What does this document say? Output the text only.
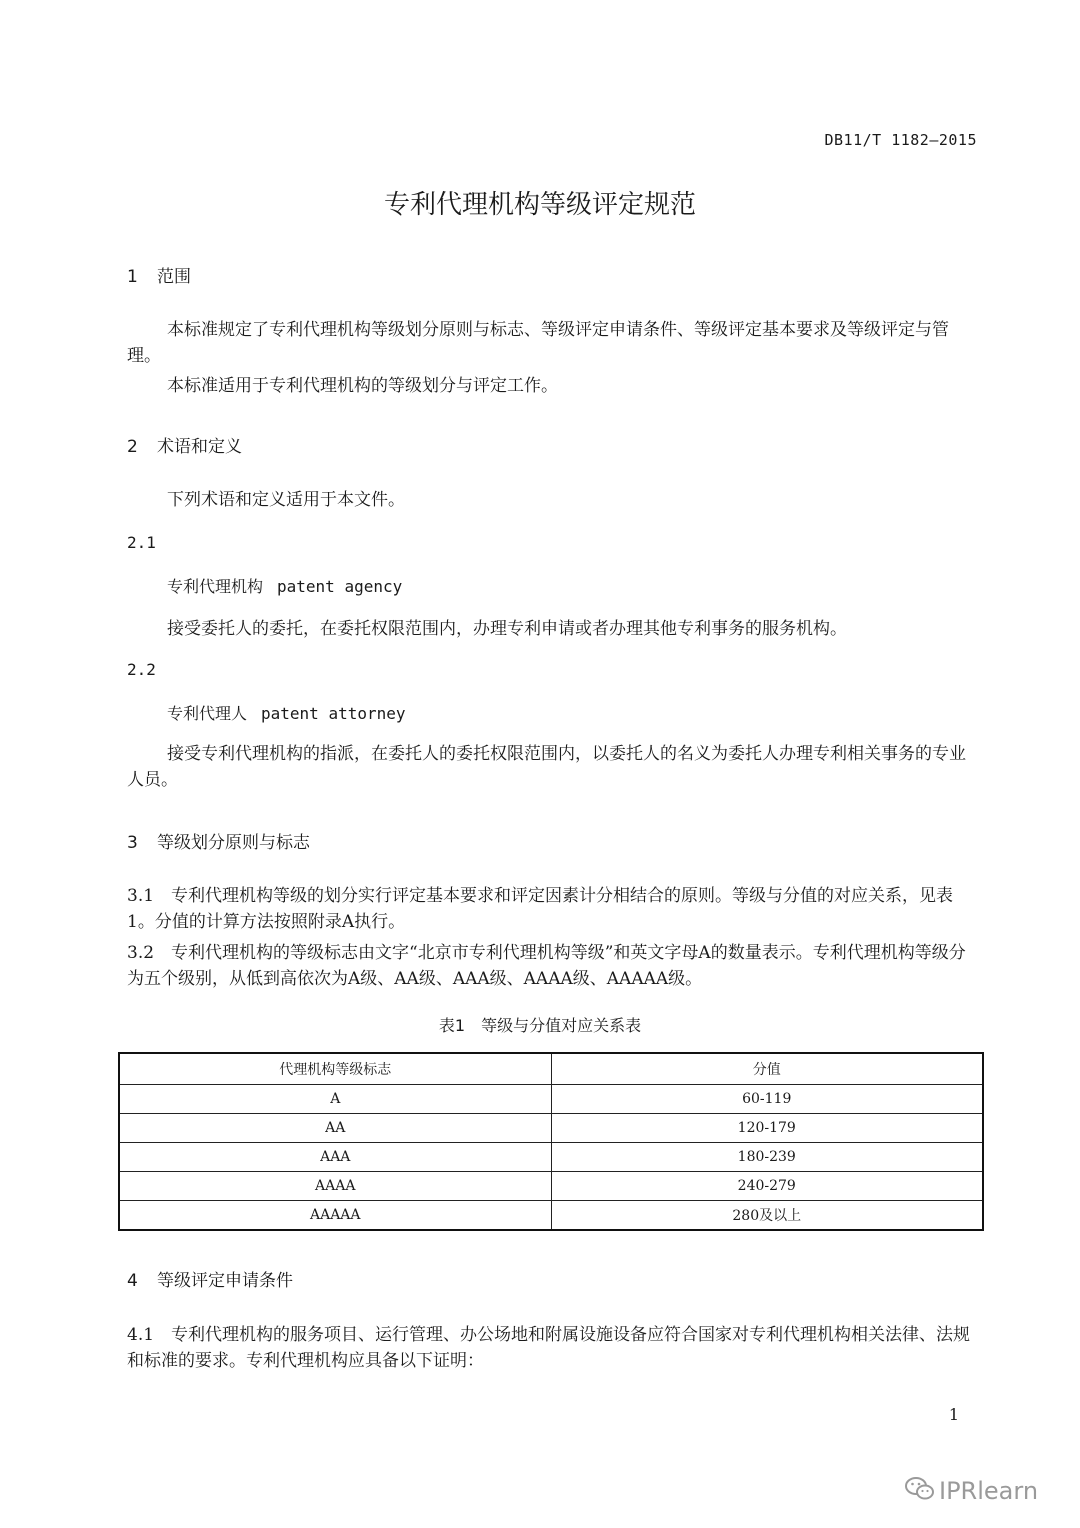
DB11/T 1182—2015
专利代理机构等级评定规范
1 范围
本标准规定了专利代理机构等级划分原则与标志、等级评定申请条件、等级评定基本要求及等级评定与管理。
本标准适用于专利代理机构的等级划分与评定工作。
2 术语和定义
下列术语和定义适用于本文件。
2.1
专利代理机构 patent agency
接受委托人的委托，在委托权限范围内，办理专利申请或者办理其他专利事务的服务机构。
2.2
专利代理人 patent attorney
接受专利代理机构的指派，在委托人的委托权限范围内，以委托人的名义为委托人办理专利相关事务的专业人员。
3 等级划分原则与标志
3.1　 专利代理机构等级的划分实行评定基本要求和评定因素计分相结合的原则。等级与分值的对应关系，见表1。分值的计算方法按照附录A执行。
3.2　 专利代理机构的等级标志由文字“北京市专利代理机构等级”和英文字母A的数量表示。专利代理机构等级分为五个级别，从低到高依次为A级、AA级、AAA级、AAAA级、AAAAA级。
表1　等级与分值对应关系表
代理机构等级标志	分值
A	60-119
AA	120-179
AAA	180-239
AAAA	240-279
AAAAA	280及以上
4 等级评定申请条件
4.1　 专利代理机构的服务项目、运行管理、办公场地和附属设施设备应符合国家对专利代理机构相关法律、法规和标准的要求。专利代理机构应具备以下证明：
1
IPRlearn
